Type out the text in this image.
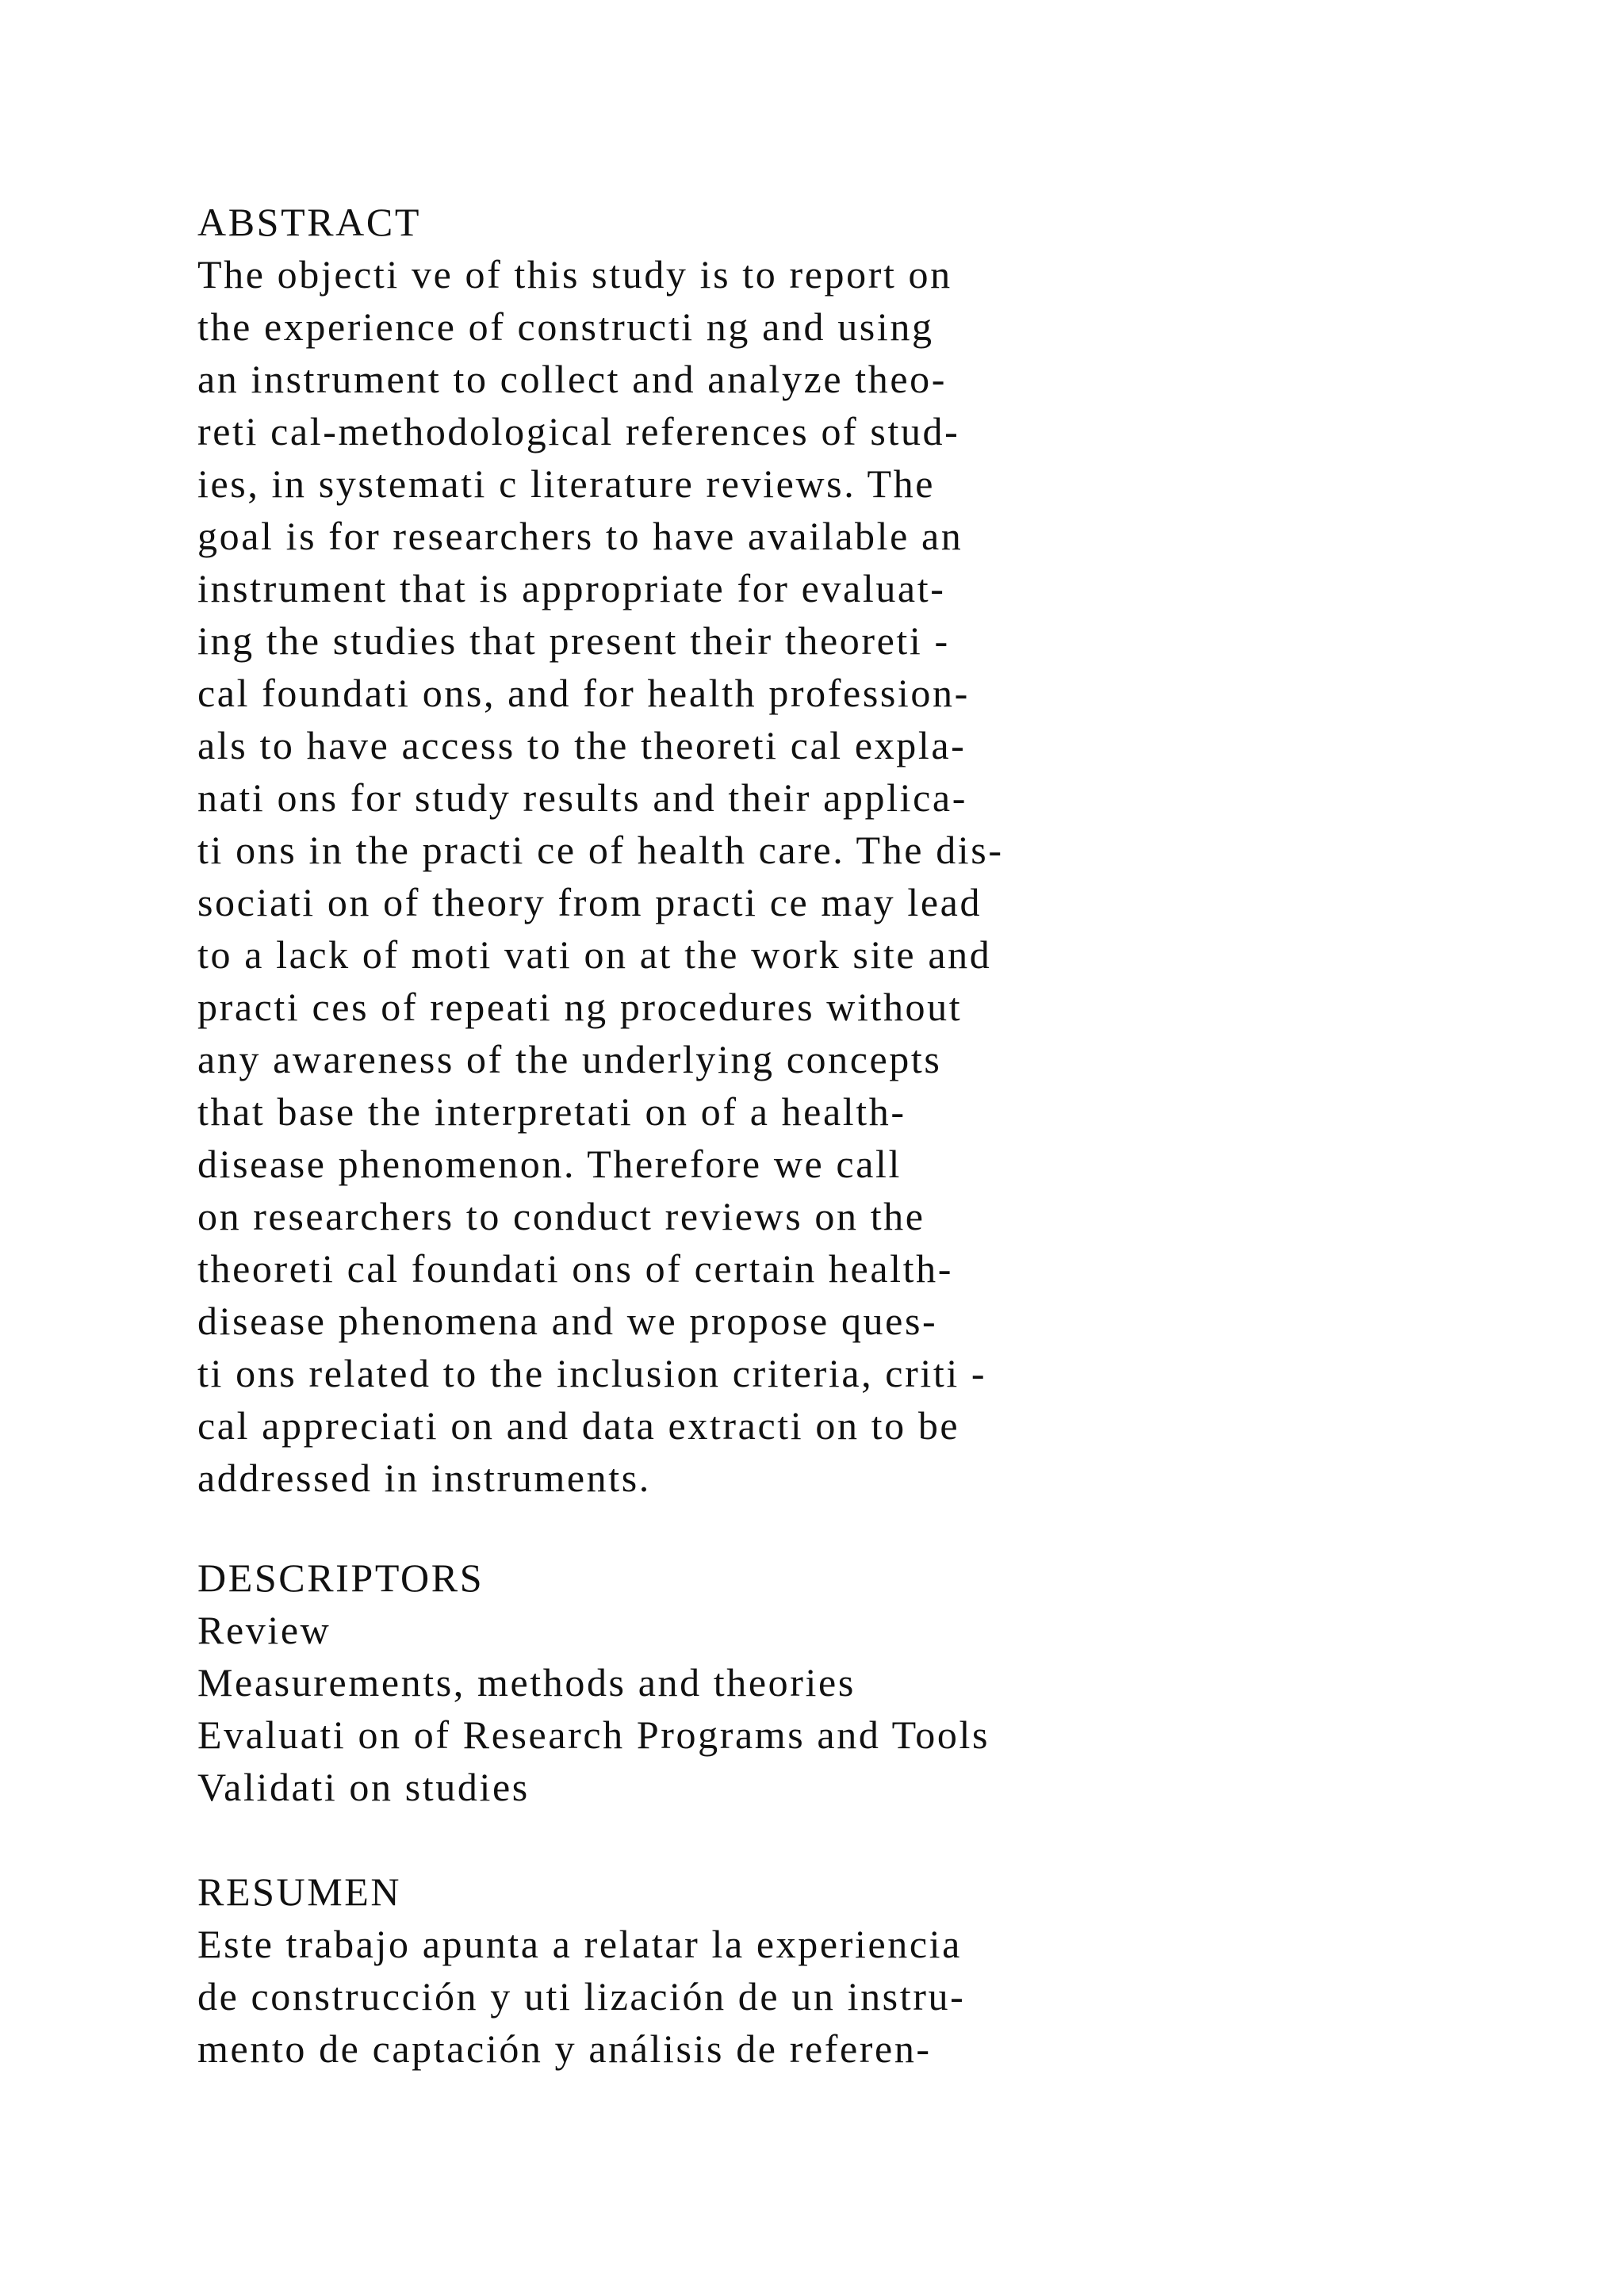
ABSTRACT
The objecti ve of this study is to report on
the experience of constructi ng and using
an instrument to collect and analyze theo-
reti cal-methodological references of stud-
ies, in systemati c literature reviews. The
goal is for researchers to have available an
instrument that is appropriate for evaluat-
ing the studies that present their theoreti -
cal foundati ons, and for health profession-
als to have access to the theoreti cal expla-
nati ons for study results and their applica-
ti ons in the practi ce of health care. The dis-
sociati on of theory from practi ce may lead
to a lack of moti vati on at the work site and
practi ces of repeati ng procedures without
any awareness of the underlying concepts
that base the interpretati on of a health-
disease phenomenon. Therefore we call
on researchers to conduct reviews on the
theoreti cal foundati ons of certain health-
disease phenomena and we propose ques-
ti ons related to the inclusion criteria, criti -
cal appreciati on and data extracti on to be
addressed in instruments.
DESCRIPTORS
Review
Measurements, methods and theories
Evaluati on of Research Programs and Tools
Validati on studies
RESUMEN
Este trabajo apunta a relatar la experiencia
de construcción y uti lización de un instru-
mento de captación y análisis de referen-
